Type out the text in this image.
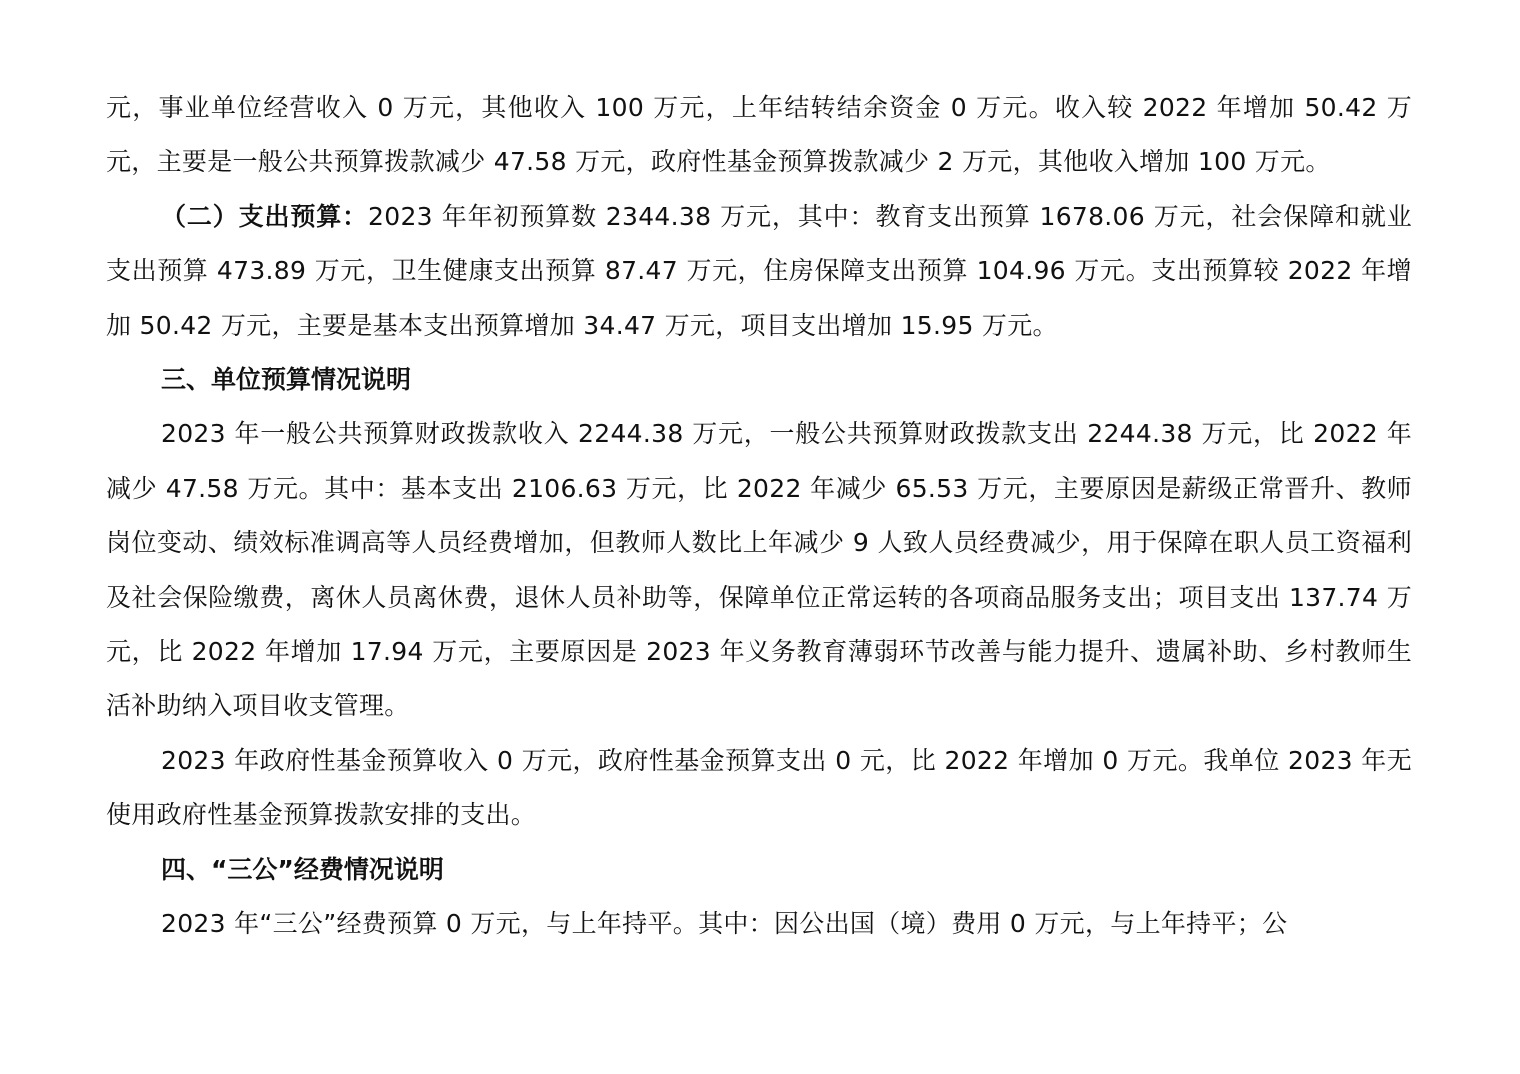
元，事业单位经营收入 0 万元，其他收入 100 万元，上年结转结余资金 0 万元。收入较 2022 年增加 50.42 万元，主要是一般公共预算拨款减少 47.58 万元，政府性基金预算拨款减少 2 万元，其他收入增加 100 万元。

（二）支出预算：2023 年年初预算数 2344.38 万元，其中：教育支出预算 1678.06 万元，社会保障和就业支出预算 473.89 万元，卫生健康支出预算 87.47 万元，住房保障支出预算 104.96 万元。支出预算较 2022 年增加 50.42 万元，主要是基本支出预算增加 34.47 万元，项目支出增加 15.95 万元。

三、单位预算情况说明

2023 年一般公共预算财政拨款收入 2244.38 万元，一般公共预算财政拨款支出 2244.38 万元，比 2022 年减少 47.58 万元。其中：基本支出 2106.63 万元，比 2022 年减少 65.53 万元，主要原因是薪级正常晋升、教师岗位变动、绩效标准调高等人员经费增加，但教师人数比上年减少 9 人致人员经费减少，用于保障在职人员工资福利及社会保险缴费，离休人员离休费，退休人员补助等，保障单位正常运转的各项商品服务支出；项目支出 137.74 万元，比 2022 年增加 17.94 万元，主要原因是 2023 年义务教育薄弱环节改善与能力提升、遗属补助、乡村教师生活补助纳入项目收支管理。

2023 年政府性基金预算收入 0 万元，政府性基金预算支出 0 元，比 2022 年增加 0 万元。我单位 2023 年无使用政府性基金预算拨款安排的支出。

四、“三公”经费情况说明

2023 年“三公”经费预算 0 万元，与上年持平。其中：因公出国（境）费用 0 万元，与上年持平；公
